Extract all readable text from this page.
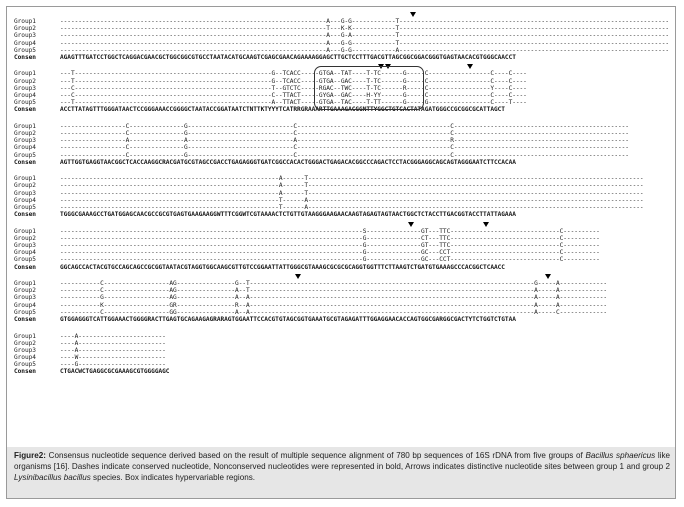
Group1	-------------------------------------------------------------------------A---G-G------------T--------------------------------------------------------------------------
Group2	-------------------------------------------------------------------------T---K-K------------T--------------------------------------------------------------------------
Group3	-------------------------------------------------------------------------A---G-A------------T--------------------------------------------------------------------------
Group4	-------------------------------------------------------------------------A---G-G------------T--------------------------------------------------------------------------
Group5	-------------------------------------------------------------------------A---G-G------------A--------------------------------------------------------------------------
Consen	AGAGTTTGATCCTGGCTCAGGACGAACGCTGGCGGCGTGCCTAATACATGCAAGTCGAGCGAACAGAAAAGGAGCTTGCTCCTTTGACGTTAGCGGCGGACGGGTGAGTAACACGTGGGCAACCT
Group1	---T------------------------------------------------------G--TCACC-----GTGA--TAT----T-TC------G-----C-----------------C----C----
Group2	---T------------------------------------------------------G--TCACC-----GTGA--GAC----T-TC------G-----C-----------------C----C----
Group3	---C------------------------------------------------------T--GTCTC-----RGAC--TWC----T-TC------R-----C-----------------Y----C----
Group4	---C------------------------------------------------------C--TTACT-----GYGA--GAC----H-YY------G-----C-----------------C----C----
Group5	---T------------------------------------------------------A--TTACT-----GTGA--TAC----T-TT------G-----G-----------------C----T----
Consen	ACCTTATAGTTTGGGATAACTCCGGGAAACCGGGGCTAATACCGGATAATCTNTTKTYYYTCATRRGRAAARTTGAAAGACGGNTTYGGCTGTCACTATAGATGGGCCGCGGCGCATTAGCT
Group1	------------------C---------------G-----------------------------C------------------------------------------C------------------------------------------------
Group2	------------------C---------------G-----------------------------C------------------------------------------C------------------------------------------------
Group3	------------------A---------------A-----------------------------A------------------------------------------R------------------------------------------------
Group4	------------------C---------------G-----------------------------C------------------------------------------C------------------------------------------------
Group5	------------------C---------------G-----------------------------C------------------------------------------C------------------------------------------------
Consen	AGTTGGTGAGGTAACGGCTCACCAAGGCRACGATGCGTAGCCGACCTGAGAGGGTGATCGGCCACACTGGGACTGAGACACGGCCCAGACTCCTACGGGAGGCAGCAGTAGGGAATCTTCCACAA
Group1	------------------------------------------------------------A------T--------------------------------------------------------------------------------------------
Group2	------------------------------------------------------------A------T--------------------------------------------------------------------------------------------
Group3	------------------------------------------------------------A------T--------------------------------------------------------------------------------------------
Group4	------------------------------------------------------------T------A--------------------------------------------------------------------------------------------
Group5	------------------------------------------------------------T------A--------------------------------------------------------------------------------------------
Consen	TGGGCGAAAGCCTGATGGAGCAACGCCGCGTGAGTGAAGAAGGWTTTCGGWTCGTAAAACTCTGTTGTAAGGGAAGAACAAGTAGAGTAGTAACTGGCTCTACCTTGACGGTACCTTATTAGAAA
Group1	-----------------------------------------------------------------------------------S---------------GT---TTC------------------------------C----------
Group2	-----------------------------------------------------------------------------------G---------------CT---TTC------------------------------C----------
Group3	-----------------------------------------------------------------------------------G---------------GT---TTC------------------------------C----------
Group4	-----------------------------------------------------------------------------------G---------------GC---CCT------------------------------C----------
Group5	-----------------------------------------------------------------------------------G---------------GC---CCT------------------------------C----------
Consen	GGCAGCCACTACGTGCCAGCAGCCGCGGTAATACGTAGGTGGCAAGCGTTGTCCGGAATTATTGGGCGTAAAGCGCGCGCAGGTGGTTTCTTAAGTCTGATGTGAAAGCCCACGGCTCAACC
Group1	-----------C------------------AG----------------G--T------------------------------------------------------------------------------G-----A-------------
Group2	-----------C------------------AG----------------A--T------------------------------------------------------------------------------A-----A-------------
Group3	-----------G------------------AG----------------A--A------------------------------------------------------------------------------A-----A-------------
Group4	-----------K------------------GR----------------R--A------------------------------------------------------------------------------A-----A-------------
Group5	-----------C------------------GG----------------A--A------------------------------------------------------------------------------A-----C-------------
Consen	GTGGAGGGTCATTGGAAACTGGGGRACTTGAGTGCAGAAGAGRARAGTGGAATTCCACGTGTAGCGGTGAAATGCGTAGAGATTTGGAGGAACACCAGTGGCGARGGCGACTYTCTGGTCTGTAA
Group1	----A------------------------
Group2	----A------------------------
Group3	----A------------------------
Group4	----W------------------------
Group5	----G------------------------
Consen	CTGACWCTGAGGCGCGAAAGCGTGGGGAGC
Figure2: Consensus nucleotide sequence derived based on the result of multiple sequence alignment of 780 bp sequences of 16S rDNA from five groups of Bacillus sphaericus like organisms [16]. Dashes indicate conserved nucleotide, Nonconserved nucleotides were represented in bold, Arrows indicates distinctive nucleotide sites between group 1 and group 2 Lysinibacillus bacillus species. Box indicates hypervariable regions.
